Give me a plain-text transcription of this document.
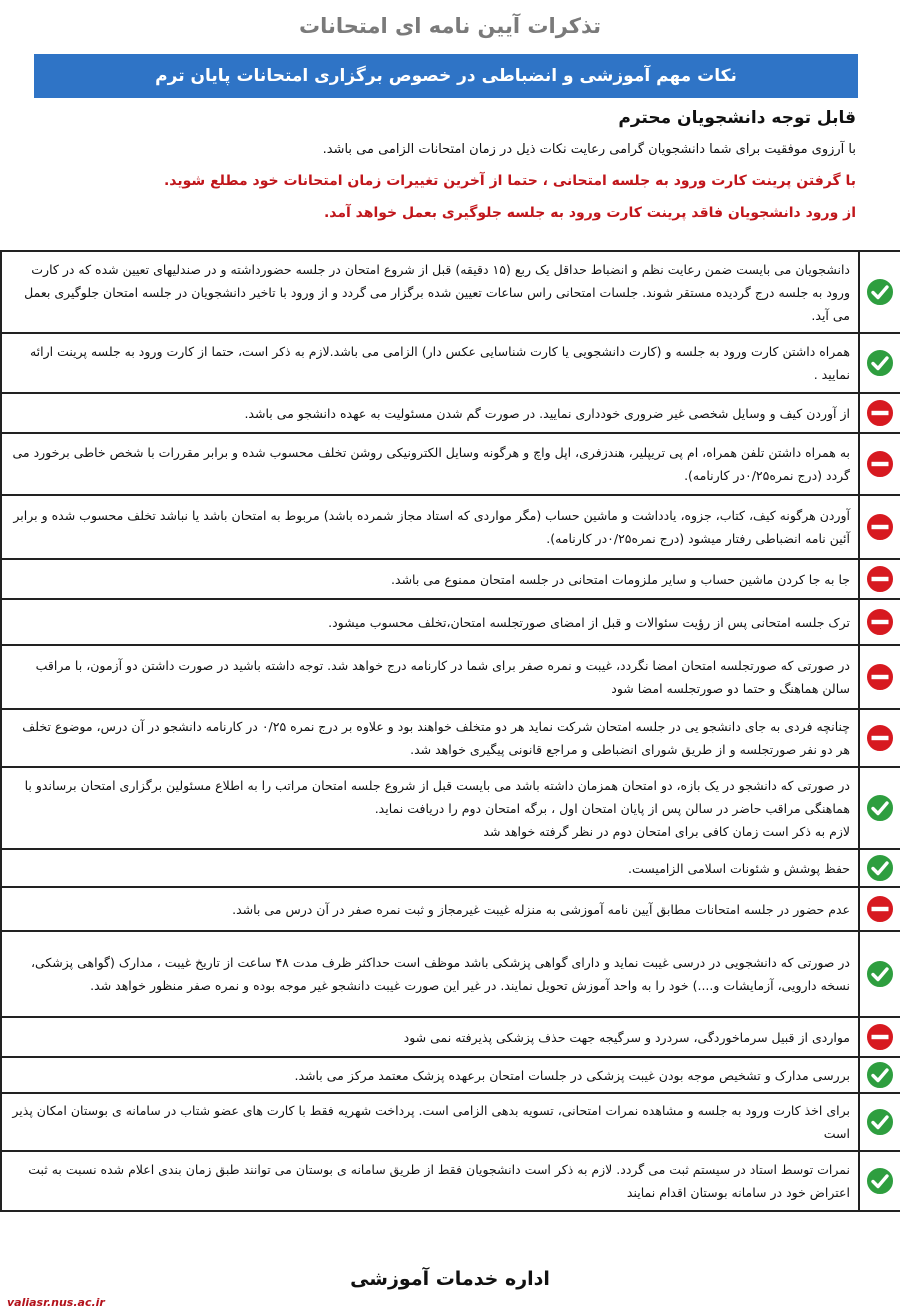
تذکرات آیین نامه ای امتحانات
نکات مهم آموزشی و انضباطی در خصوص برگزاری امتحانات پایان ترم
قابل توجه دانشجویان محترم
با آرزوی موفقیت برای شما دانشجویان گرامی رعایت نکات ذیل در زمان امتحانات الزامی می باشد.
با گرفتن پرینت کارت ورود به جلسه امتحانی ، حتما از آخرین تغییرات زمان امتحانات خود مطلع شوید.
از ورود دانشجویان فاقد پرینت کارت ورود به جلسه جلوگیری بعمل خواهد آمد.
دانشجویان می بایست ضمن رعایت نظم و انضباط حداقل یک ربع (۱۵ دقیقه) قبل از شروع امتحان در جلسه حضورداشته و در صندلیهای تعیین شده که در کارت ورود به جلسه درج گردیده مستقر شوند. جلسات امتحانی راس ساعات تعیین شده برگزار می گردد و از ورود با تاخیر دانشجویان در جلسه امتحان جلوگیری بعمل می آید.
همراه داشتن کارت ورود به جلسه و (کارت دانشجویی یا کارت شناسایی عکس دار) الزامی می باشد.لازم به ذکر است، حتما از کارت ورود به جلسه پرینت ارائه نمایید .
از آوردن کیف و وسایل شخصی غیر ضروری خودداری نمایید. در صورت گم شدن مسئولیت به عهده دانشجو می باشد.
به همراه داشتن تلفن همراه، ام پی تریپلیر، هندزفری، اپل واچ و هرگونه وسایل الکترونیکی روشن تخلف محسوب شده و برابر مقررات با شخص خاطی برخورد می گردد (درج نمره۰/۲۵در کارنامه).
آوردن هرگونه کیف، کتاب، جزوه، یادداشت و ماشین حساب (مگر مواردی که استاد مجاز شمرده باشد) مربوط به امتحان باشد یا نباشد تخلف محسوب شده و برابر آئین نامه انضباطی رفتار میشود (درج نمره۰/۲۵در کارنامه).
جا به جا کردن ماشین حساب و سایر ملزومات امتحانی در جلسه امتحان ممنوع می باشد.
ترک جلسه امتحانی پس از رؤیت سئوالات و قبل از امضای صورتجلسه امتحان،تخلف محسوب میشود.
در صورتی که صورتجلسه امتحان امضا نگردد، غیبت و نمره صفر برای شما در کارنامه درج خواهد شد. توجه داشته باشید در صورت داشتن دو آزمون، با مراقب سالن هماهنگ و حتما دو صورتجلسه امضا شود
چنانچه فردی به جای دانشجو یی در جلسه امتحان شرکت نماید هر دو متخلف خواهند بود و علاوه بر درج نمره ۰/۲۵ در کارنامه دانشجو در آن درس، موضوع تخلف هر دو نفر صورتجلسه و از طریق شورای انضباطی و مراجع قانونی پیگیری خواهد شد.
در صورتی که دانشجو در یک بازه، دو امتحان همزمان داشته باشد می بایست قبل از شروع جلسه امتحان مراتب را به اطلاع مسئولین برگزاری امتحان برساندو با هماهنگی مراقب حاضر در سالن پس از پایان امتحان اول ، برگه امتحان دوم را دریافت نماید.
لازم به ذکر است زمان کافی برای امتحان دوم در نظر گرفته خواهد شد
حفظ پوشش و شئونات اسلامی الزامیست.
عدم حضور در جلسه امتحانات مطابق آیین نامه آموزشی به منزله غیبت غیرمجاز و ثبت نمره صفر در آن درس می باشد.
در صورتی که دانشجویی در درسی غیبت نماید و دارای گواهی پزشکی باشد موظف است حداکثر ظرف مدت ۴۸ ساعت از تاریخ غیبت ، مدارک (گواهی پزشکی، نسخه دارویی، آزمایشات و....) خود را به واحد آموزش تحویل نمایند. در غیر این صورت غیبت دانشجو غیر موجه بوده و نمره صفر منظور خواهد شد.
مواردی از قبیل سرماخوردگی، سردرد و سرگیجه جهت حذف پزشکی پذیرفته نمی شود
بررسی مدارک و تشخیص موجه بودن غیبت پزشکی در جلسات امتحان برعهده پزشک معتمد مرکز می باشد.
برای اخذ کارت ورود به جلسه و مشاهده نمرات امتحانی، تسویه بدهی الزامی است. پرداخت شهریه فقط با کارت های عضو شتاب در سامانه ی بوستان امکان پذیر است
نمرات توسط استاد در سیستم ثبت می گردد. لازم به ذکر است دانشجویان فقط از طریق سامانه ی بوستان می توانند طبق زمان بندی اعلام شده نسبت به ثبت اعتراض خود در سامانه بوستان اقدام نمایند
اداره خدمات آموزشی
valiasr.nus.ac.ir
